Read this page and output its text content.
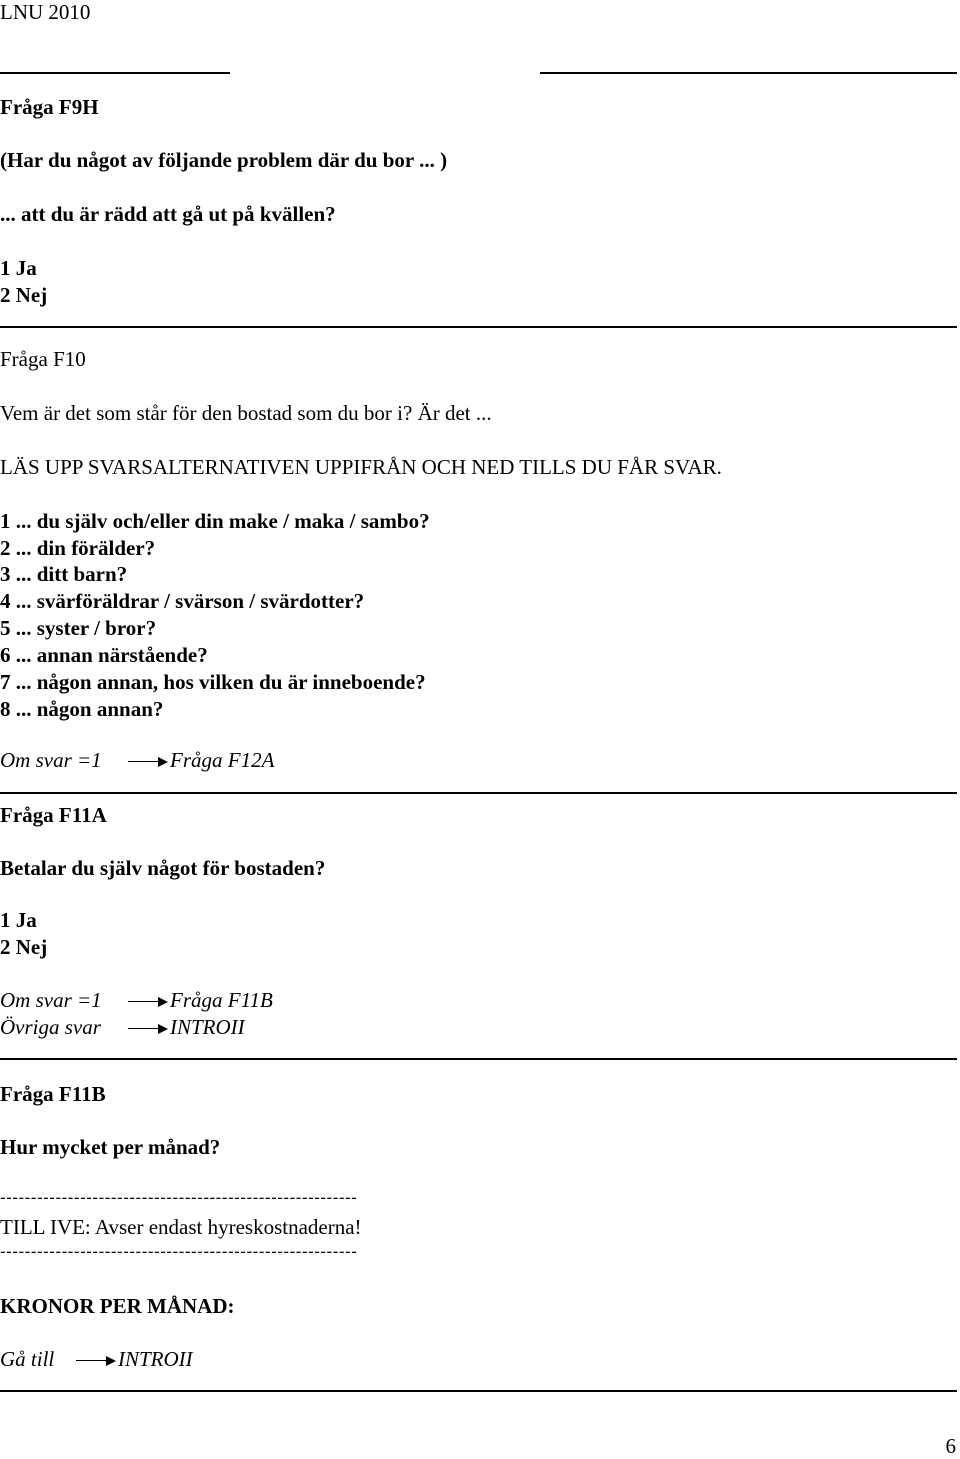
LNU 2010
Fråga F9H
(Har du något av följande problem där du bor ... )
... att du är rädd att gå ut på kvällen?
1 Ja
2 Nej
Fråga F10
Vem är det som står för den bostad som du bor i? Är det ...
LÄS UPP SVARSALTERNATIVEN UPPIFRÅN OCH NED TILLS DU FÅR SVAR.
1 ... du själv och/eller din make / maka / sambo?
2 ... din förälder?
3 ... ditt barn?
4 ... svärföräldrar / svärson / svärdotter?
5 ... syster / bror?
6 ... annan närstående?
7 ... någon annan, hos vilken du är inneboende?
8 ... någon annan?
Om svar =1	Fråga F12A
Fråga F11A
Betalar du själv något för bostaden?
1 Ja
2 Nej
Om svar =1	Fråga F11B
Övriga svar	INTROII
Fråga F11B
Hur mycket per månad?
----------------------------------------------------------
TILL IVE: Avser endast hyreskostnaderna!
----------------------------------------------------------
KRONOR PER MÅNAD:
Gå till	INTROII
6
